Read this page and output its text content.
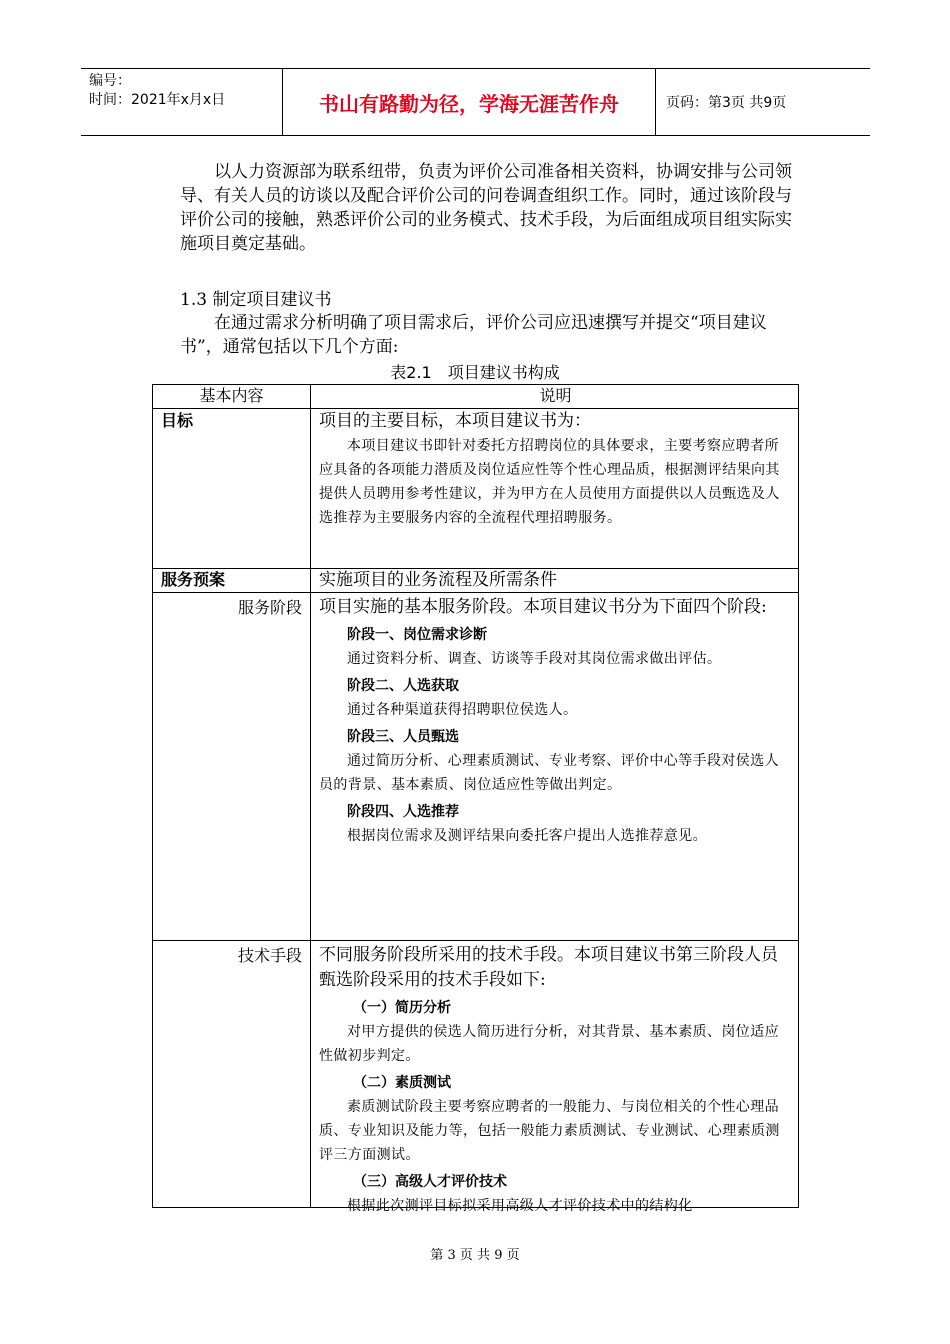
编号：
时间：2021年x月x日	书山有路勤为径，学海无涯苦作舟	页码：第3页 共9页
以人力资源部为联系纽带，负责为评价公司准备相关资料，协调安排与公司领导、有关人员的访谈以及配合评价公司的问卷调查组织工作。同时，通过该阶段与评价公司的接触，熟悉评价公司的业务模式、技术手段，为后面组成项目组实际实施项目奠定基础。
1.3 制定项目建议书
在通过需求分析明确了项目需求后，评价公司应迅速撰写并提交“项目建议书”，通常包括以下几个方面:
表2.1　项目建议书构成
基本内容	说明
目标	项目的主要目标，本项目建议书为：
本项目建议书即针对委托方招聘岗位的具体要求，主要考察应聘者所应具备的各项能力潜质及岗位适应性等个性心理品质，根据测评结果向其提供人员聘用参考性建议，并为甲方在人员使用方面提供以人员甄选及人选推荐为主要服务内容的全流程代理招聘服务。
服务预案	实施项目的业务流程及所需条件
服务阶段	项目实施的基本服务阶段。本项目建议书分为下面四个阶段:
阶段一、岗位需求诊断
通过资料分析、调查、访谈等手段对其岗位需求做出评估。
阶段二、人选获取
通过各种渠道获得招聘职位侯选人。
阶段三、人员甄选
通过简历分析、心理素质测试、专业考察、评价中心等手段对侯选人员的背景、基本素质、岗位适应性等做出判定。
阶段四、人选推荐
根据岗位需求及测评结果向委托客户提出人选推荐意见。
技术手段	不同服务阶段所采用的技术手段。本项目建议书第三阶段人员甄选阶段采用的技术手段如下:
（一）简历分析
对甲方提供的侯选人简历进行分析，对其背景、基本素质、岗位适应性做初步判定。
（二）素质测试
素质测试阶段主要考察应聘者的一般能力、与岗位相关的个性心理品质、专业知识及能力等，包括一般能力素质测试、专业测试、心理素质测评三方面测试。
（三）高级人才评价技术
根据此次测评目标拟采用高级人才评价技术中的结构化
第 3 页 共 9 页
